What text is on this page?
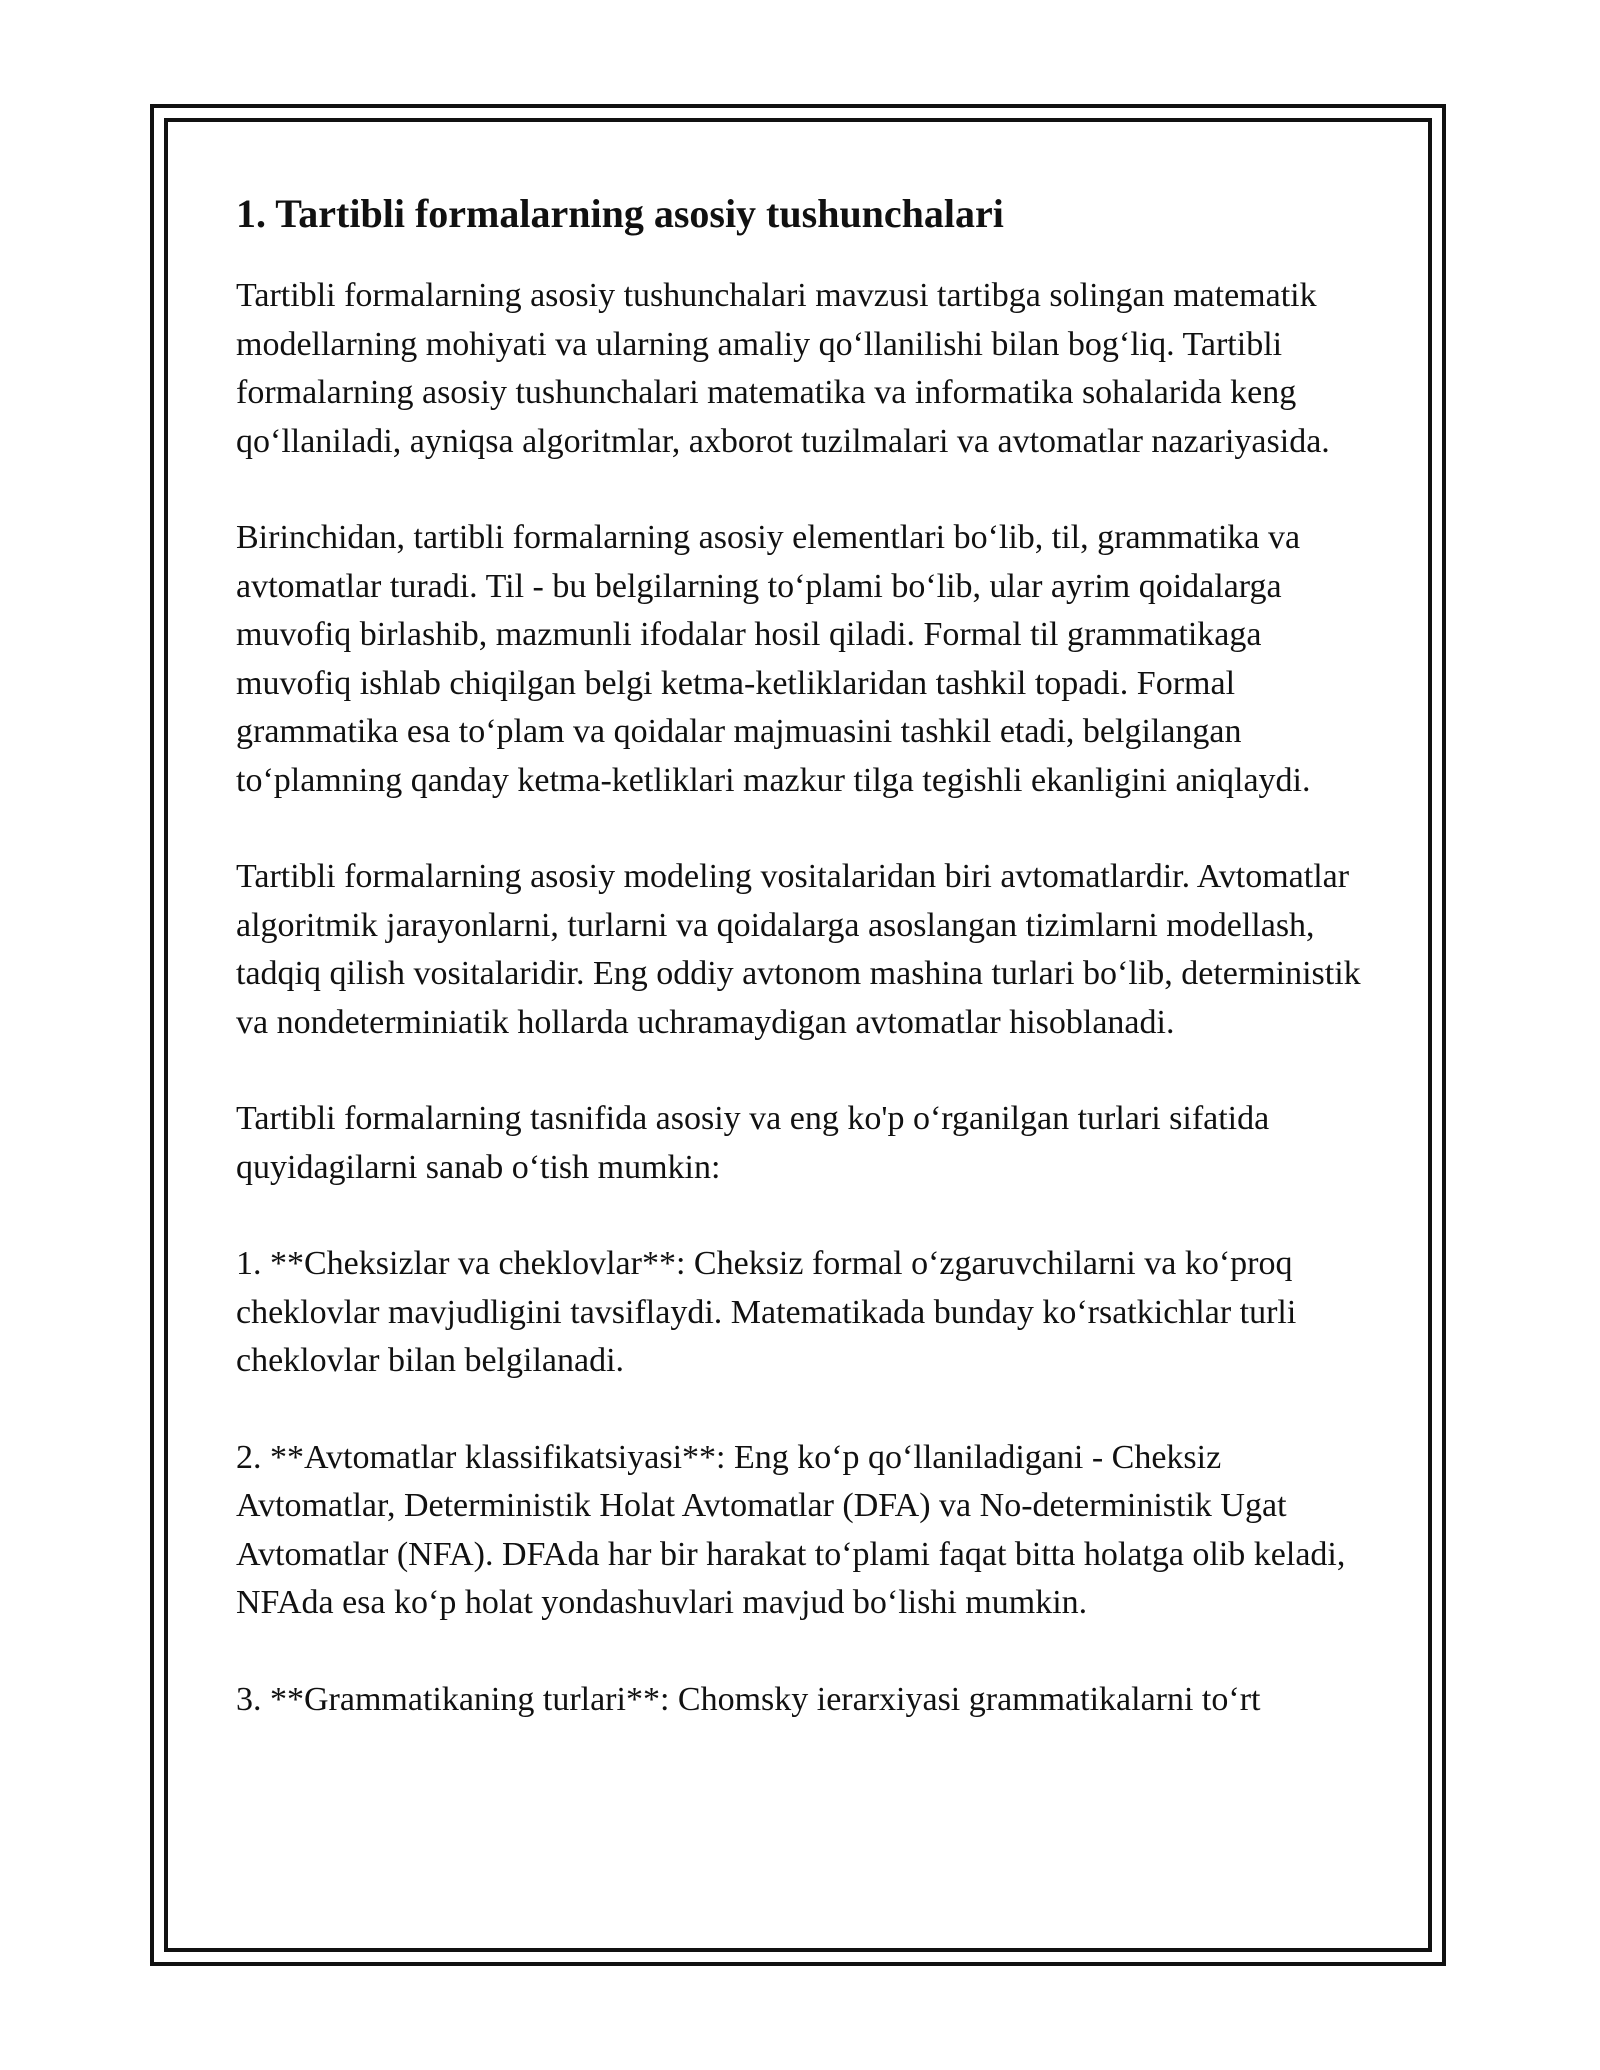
1. Tartibli formalarning asosiy tushunchalari

Tartibli formalarning asosiy tushunchalari mavzusi tartibga solingan matematik modellarning mohiyati va ularning amaliy qo‘llanilishi bilan bog‘liq. Tartibli formalarning asosiy tushunchalari matematika va informatika sohalarida keng qo‘llaniladi, ayniqsa algoritmlar, axborot tuzilmalari va avtomatlar nazariyasida.

Birinchidan, tartibli formalarning asosiy elementlari bo‘lib, til, grammatika va avtomatlar turadi. Til - bu belgilarning to‘plami bo‘lib, ular ayrim qoidalarga muvofiq birlashib, mazmunli ifodalar hosil qiladi. Formal til grammatikaga muvofiq ishlab chiqilgan belgi ketma-ketliklaridan tashkil topadi. Formal grammatika esa to‘plam va qoidalar majmuasini tashkil etadi, belgilangan to‘plamning qanday ketma-ketliklari mazkur tilga tegishli ekanligini aniqlaydi.

Tartibli formalarning asosiy modeling vositalaridan biri avtomatlardir. Avtomatlar algoritmik jarayonlarni, turlarni va qoidalarga asoslangan tizimlarni modellash, tadqiq qilish vositalaridir. Eng oddiy avtonom mashina turlari bo‘lib, deterministik va nondeterminiatik hollarda uchramaydigan avtomatlar hisoblanadi.

Tartibli formalarning tasnifida asosiy va eng ko'p o‘rganilgan turlari sifatida quyidagilarni sanab o‘tish mumkin:

1. **Cheksizlar va cheklovlar**: Cheksiz formal o‘zgaruvchilarni va ko‘proq cheklovlar mavjudligini tavsiflaydi. Matematikada bunday ko‘rsatkichlar turli cheklovlar bilan belgilanadi.

2. **Avtomatlar klassifikatsiyasi**: Eng ko‘p qo‘llaniladigani - Cheksiz Avtomatlar, Deterministik Holat Avtomatlar (DFA) va No-deterministik Ugat Avtomatlar (NFA). DFAda har bir harakat to‘plami faqat bitta holatga olib keladi, NFAda esa ko‘p holat yondashuvlari mavjud bo‘lishi mumkin.

3. **Grammatikaning turlari**: Chomsky ierarxiyasi grammatikalarni to‘rt
